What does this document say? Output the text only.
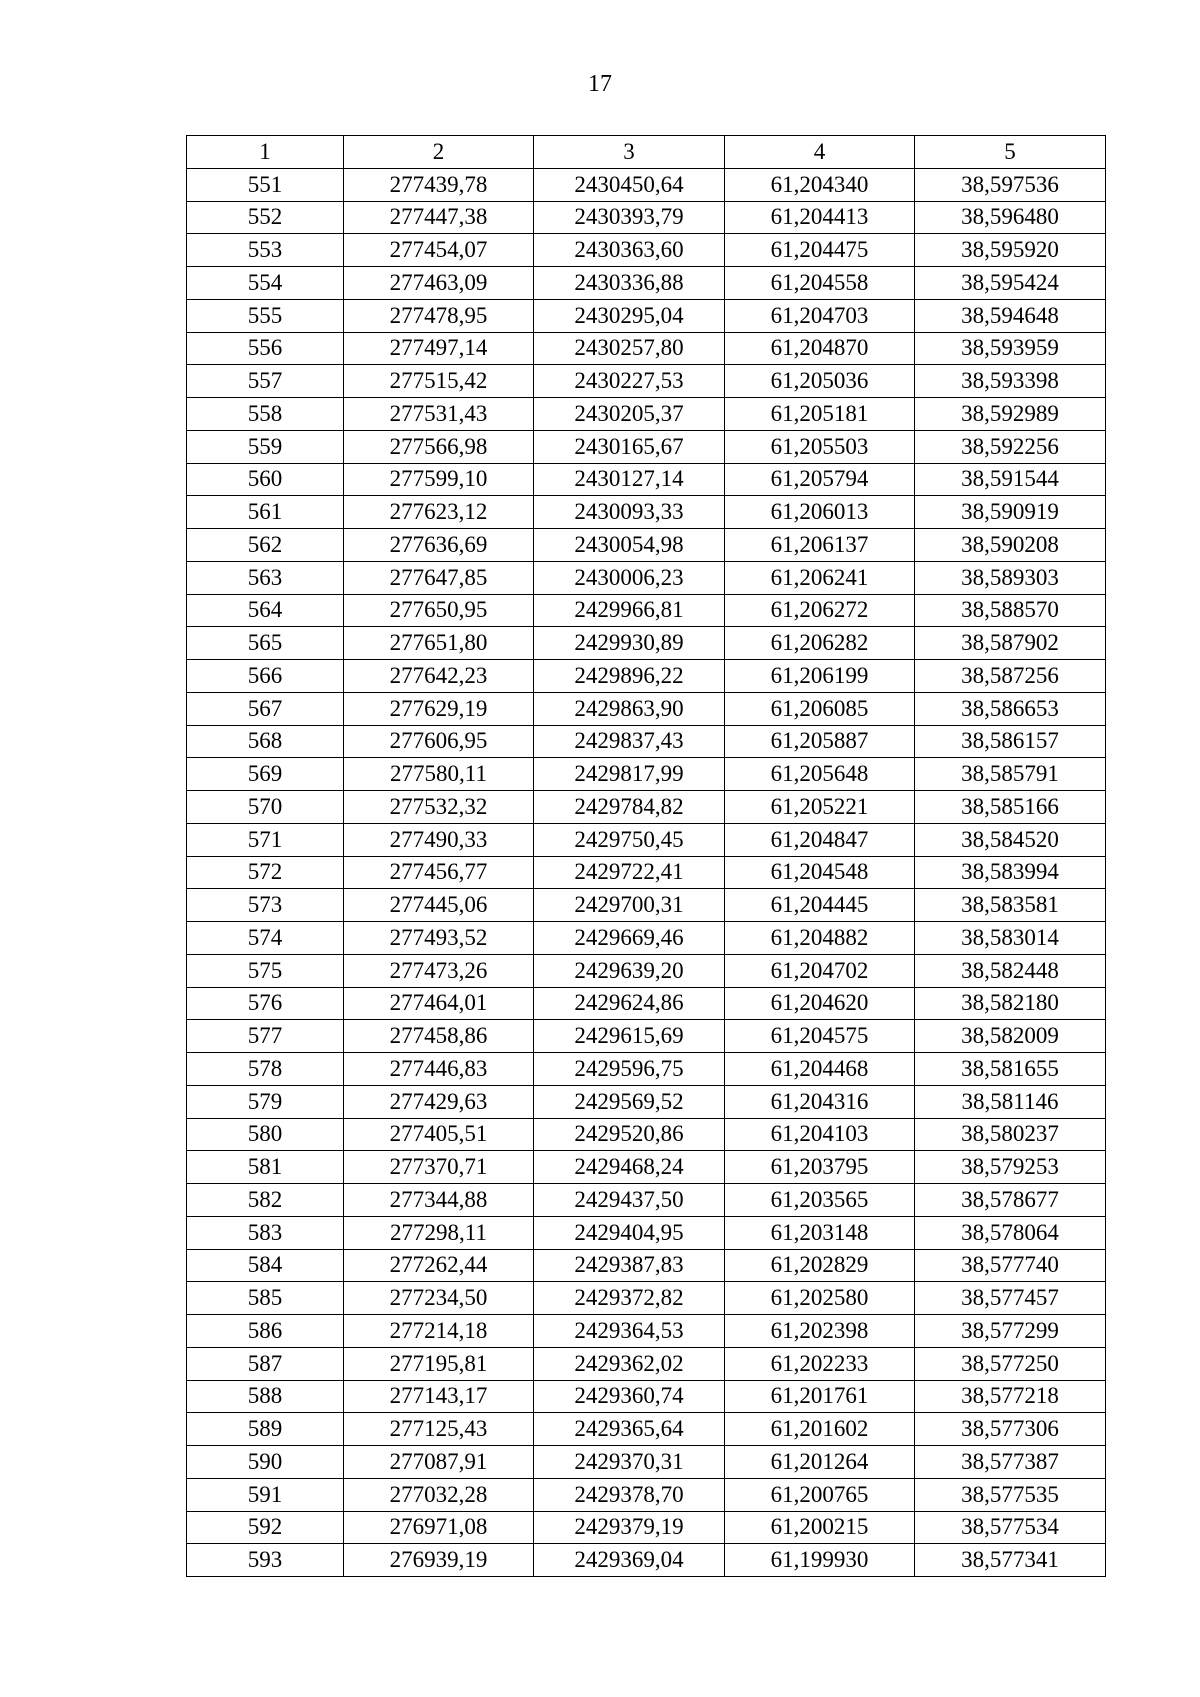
17
1	2	3	4	5
551	277439,78	2430450,64	61,204340	38,597536
552	277447,38	2430393,79	61,204413	38,596480
553	277454,07	2430363,60	61,204475	38,595920
554	277463,09	2430336,88	61,204558	38,595424
555	277478,95	2430295,04	61,204703	38,594648
556	277497,14	2430257,80	61,204870	38,593959
557	277515,42	2430227,53	61,205036	38,593398
558	277531,43	2430205,37	61,205181	38,592989
559	277566,98	2430165,67	61,205503	38,592256
560	277599,10	2430127,14	61,205794	38,591544
561	277623,12	2430093,33	61,206013	38,590919
562	277636,69	2430054,98	61,206137	38,590208
563	277647,85	2430006,23	61,206241	38,589303
564	277650,95	2429966,81	61,206272	38,588570
565	277651,80	2429930,89	61,206282	38,587902
566	277642,23	2429896,22	61,206199	38,587256
567	277629,19	2429863,90	61,206085	38,586653
568	277606,95	2429837,43	61,205887	38,586157
569	277580,11	2429817,99	61,205648	38,585791
570	277532,32	2429784,82	61,205221	38,585166
571	277490,33	2429750,45	61,204847	38,584520
572	277456,77	2429722,41	61,204548	38,583994
573	277445,06	2429700,31	61,204445	38,583581
574	277493,52	2429669,46	61,204882	38,583014
575	277473,26	2429639,20	61,204702	38,582448
576	277464,01	2429624,86	61,204620	38,582180
577	277458,86	2429615,69	61,204575	38,582009
578	277446,83	2429596,75	61,204468	38,581655
579	277429,63	2429569,52	61,204316	38,581146
580	277405,51	2429520,86	61,204103	38,580237
581	277370,71	2429468,24	61,203795	38,579253
582	277344,88	2429437,50	61,203565	38,578677
583	277298,11	2429404,95	61,203148	38,578064
584	277262,44	2429387,83	61,202829	38,577740
585	277234,50	2429372,82	61,202580	38,577457
586	277214,18	2429364,53	61,202398	38,577299
587	277195,81	2429362,02	61,202233	38,577250
588	277143,17	2429360,74	61,201761	38,577218
589	277125,43	2429365,64	61,201602	38,577306
590	277087,91	2429370,31	61,201264	38,577387
591	277032,28	2429378,70	61,200765	38,577535
592	276971,08	2429379,19	61,200215	38,577534
593	276939,19	2429369,04	61,199930	38,577341
